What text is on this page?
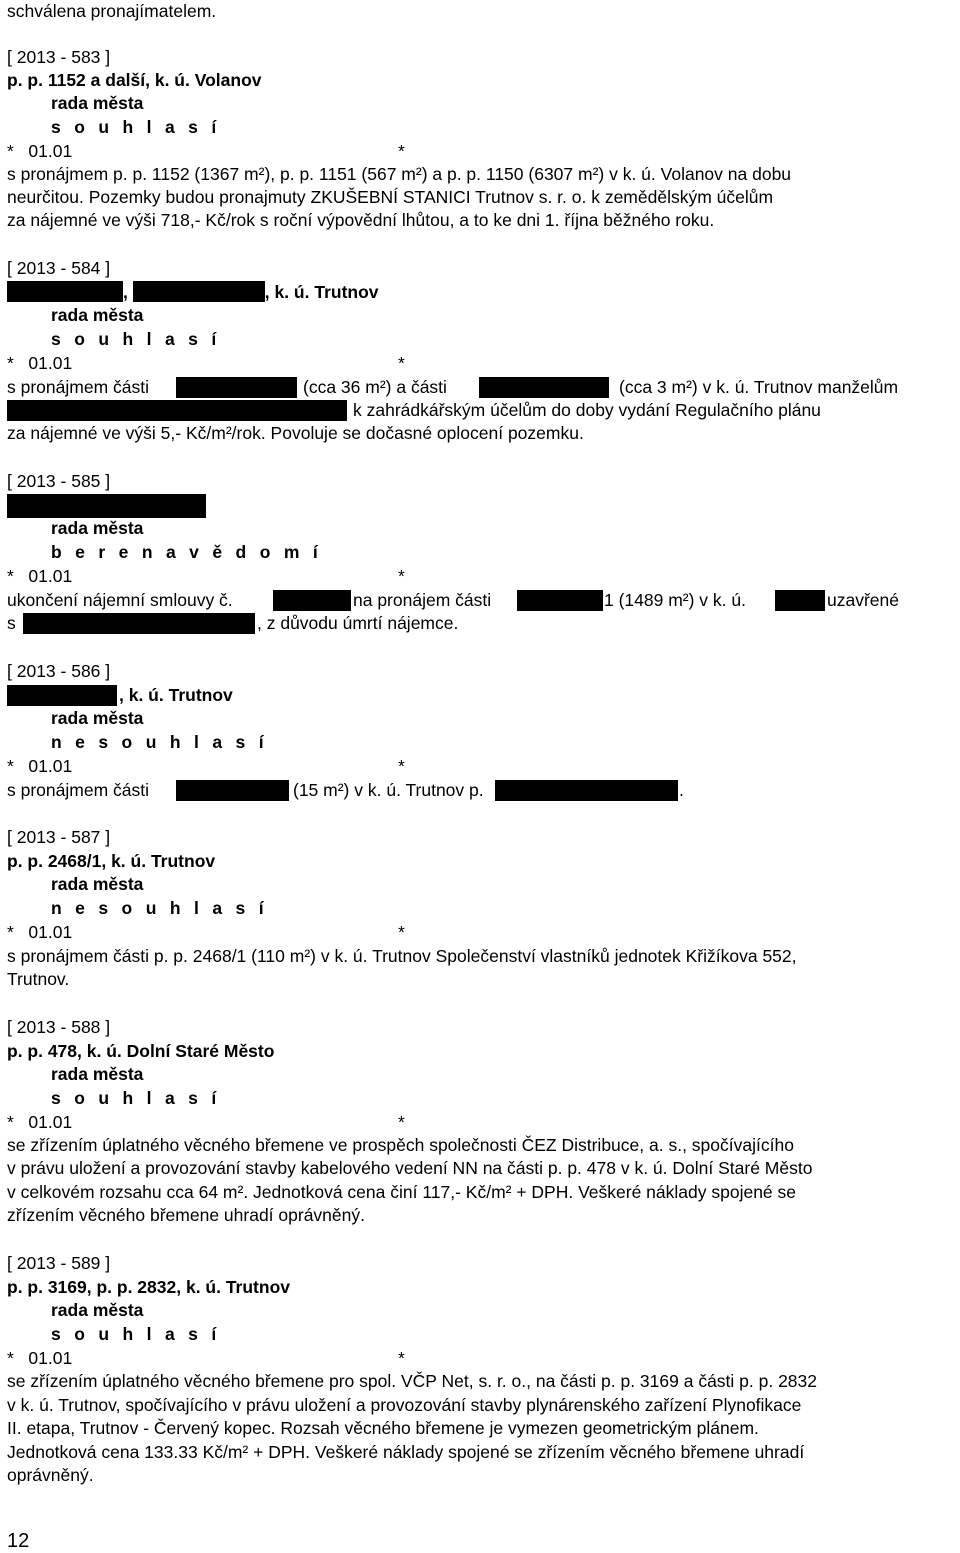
schválena pronajímatelem.
[ 2013 - 583 ]
p. p. 1152 a další, k. ú. Volanov
rada města
s o u h l a s í
*   01.01	*
s pronájmem p. p. 1152 (1367 m²), p. p. 1151 (567 m²) a p. p. 1150 (6307 m²) v k. ú. Volanov na dobu
neurčitou. Pozemky budou pronajmuty ZKUŠEBNÍ STANICI Trutnov s. r. o. k zemědělským účelům
za nájemné ve výši 718,- Kč/rok s roční výpovědní lhůtou, a to ke dni 1. října běžného roku.
[ 2013 - 584 ]
,	, k. ú. Trutnov
rada města
s o u h l a s í
*   01.01	*
s pronájmem části	(cca 36 m²) a části	(cca 3 m²) v k. ú. Trutnov manželům
k zahrádkářským účelům do doby vydání Regulačního plánu
za nájemné ve výši 5,- Kč/m²/rok. Povoluje se dočasné oplocení pozemku.
[ 2013 - 585 ]
rada města
b e r e n a v ě d o m í
*   01.01	*
ukončení nájemní smlouvy č.	na pronájem části	1 (1489 m²) v k. ú.	uzavřené
s	, z důvodu úmrtí nájemce.
[ 2013 - 586 ]
, k. ú. Trutnov
rada města
n e s o u h l a s í
*   01.01	*
s pronájmem části	(15 m²) v k. ú. Trutnov p.	.
[ 2013 - 587 ]
p. p. 2468/1, k. ú. Trutnov
rada města
n e s o u h l a s í
*   01.01	*
s pronájmem části p. p. 2468/1 (110 m²) v k. ú. Trutnov Společenství vlastníků jednotek Křižíkova 552,
Trutnov.
[ 2013 - 588 ]
p. p. 478, k. ú. Dolní Staré Město
rada města
s o u h l a s í
*   01.01	*
se zřízením úplatného věcného břemene ve prospěch společnosti ČEZ Distribuce, a. s., spočívajícího
v právu uložení a provozování stavby kabelového vedení NN na části p. p. 478 v k. ú. Dolní Staré Město
v celkovém rozsahu cca 64 m². Jednotková cena činí 117,- Kč/m² + DPH. Veškeré náklady spojené se
zřízením věcného břemene uhradí oprávněný.
[ 2013 - 589 ]
p. p. 3169, p. p. 2832, k. ú. Trutnov
rada města
s o u h l a s í
*   01.01	*
se zřízením úplatného věcného břemene pro spol. VČP Net, s. r. o., na části p. p. 3169 a části p. p. 2832
v k. ú. Trutnov, spočívajícího v právu uložení a provozování stavby plynárenského zařízení Plynofikace
II. etapa, Trutnov - Červený kopec. Rozsah věcného břemene je vymezen geometrickým plánem.
Jednotková cena 133.33 Kč/m² + DPH. Veškeré náklady spojené se zřízením věcného břemene uhradí
oprávněný.
12
